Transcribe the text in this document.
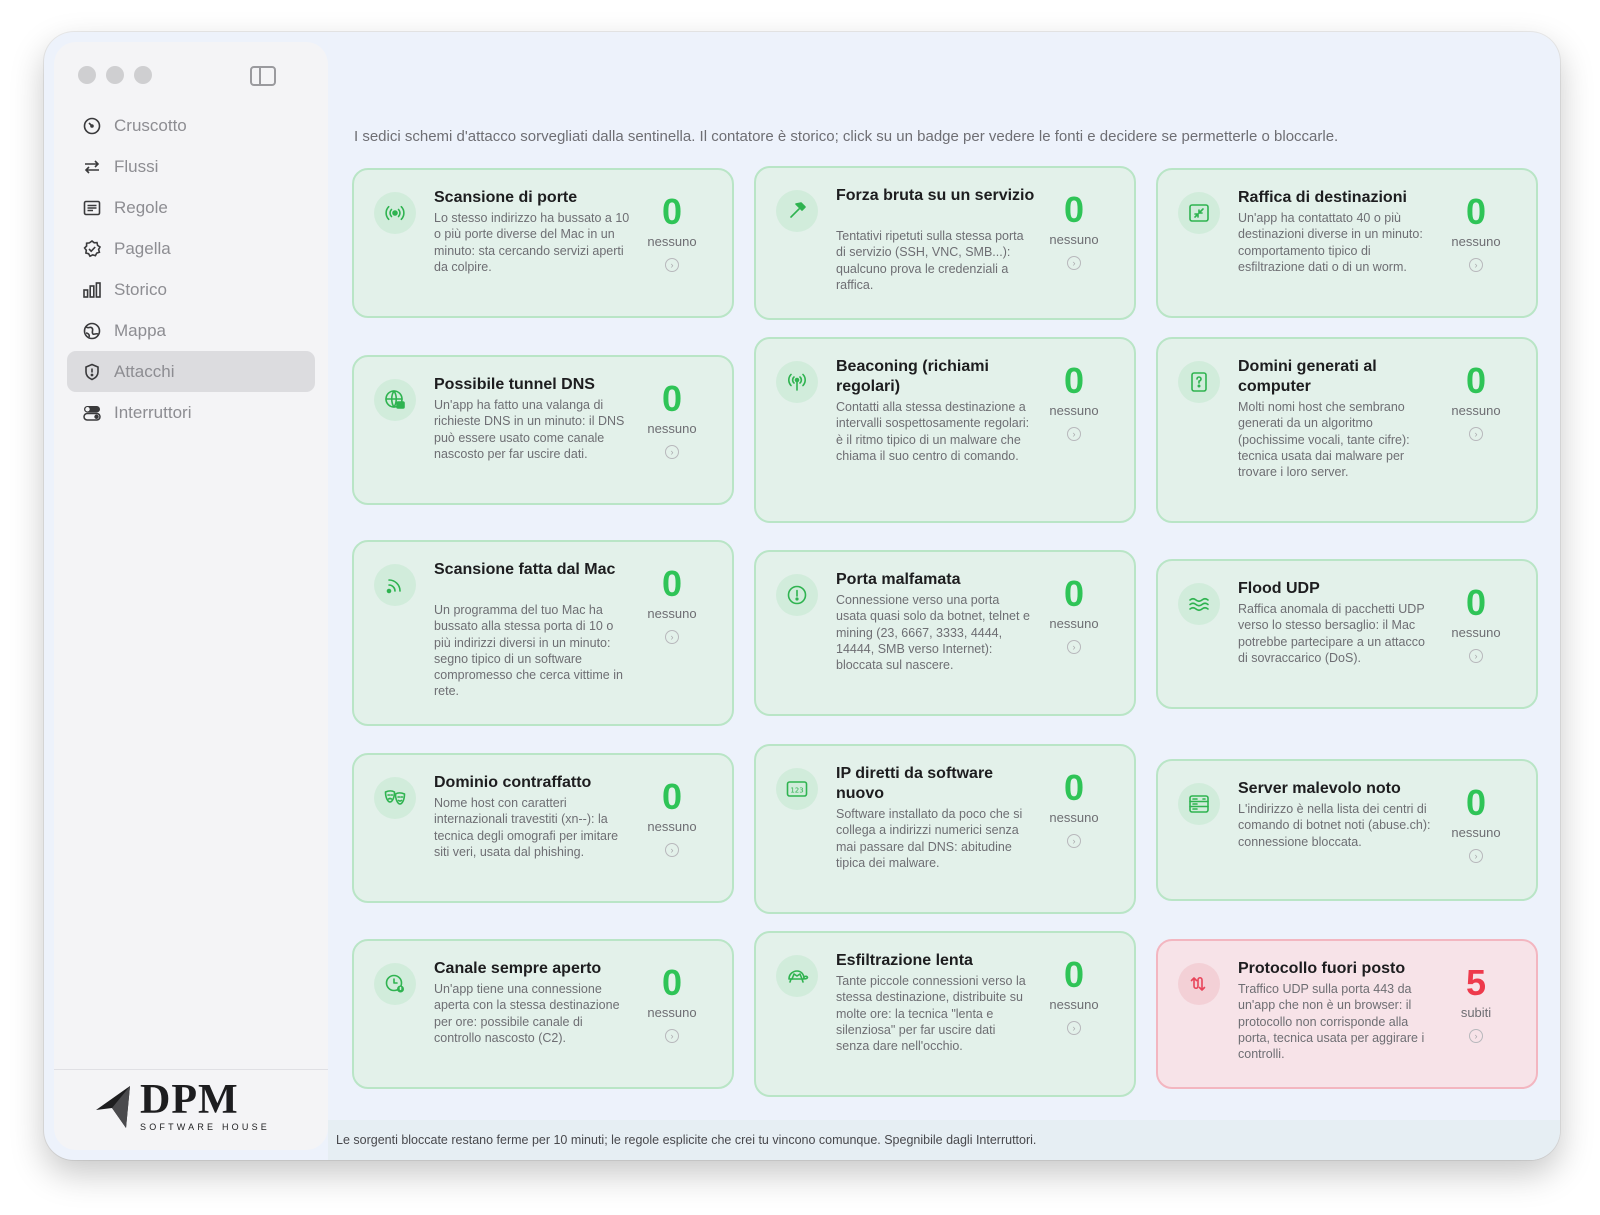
Cruscotto
Flussi
Regole
Pagella
Storico
Mappa
Attacchi
Interruttori
DPM
SOFTWARE HOUSE

I sedici schemi d'attacco sorvegliati dalla sentinella. Il contatore è storico; click su un badge per vedere le fonti e decidere se permetterle o bloccarle.

Scansione di porte
Lo stesso indirizzo ha bussato a 10 o più porte diverse del Mac in un minuto: sta cercando servizi aperti da colpire.
0
nessuno
›
Forza bruta su un servizio
Tentativi ripetuti sulla stessa porta di servizio (SSH, VNC, SMB...): qualcuno prova le credenziali a raffica.
0
nessuno
›
Raffica di destinazioni
Un'app ha contattato 40 o più destinazioni diverse in un minuto: comportamento tipico di esfiltrazione dati o di un worm.
0
nessuno
›
Possibile tunnel DNS
Un'app ha fatto una valanga di richieste DNS in un minuto: il DNS può essere usato come canale nascosto per far uscire dati.
0
nessuno
›
Beaconing (richiami regolari)
Contatti alla stessa destinazione a intervalli sospettosamente regolari: è il ritmo tipico di un malware che chiama il suo centro di comando.
0
nessuno
›
Domini generati al computer
Molti nomi host che sembrano generati da un algoritmo (pochissime vocali, tante cifre): tecnica usata dai malware per trovare i loro server.
0
nessuno
›
Scansione fatta dal Mac
Un programma del tuo Mac ha bussato alla stessa porta di 10 o più indirizzi diversi in un minuto: segno tipico di un software compromesso che cerca vittime in rete.
0
nessuno
›
Porta malfamata
Connessione verso una porta usata quasi solo da botnet, telnet e mining (23, 6667, 3333, 4444, 14444, SMB verso Internet): bloccata sul nascere.
0
nessuno
›
Flood UDP
Raffica anomala di pacchetti UDP verso lo stesso bersaglio: il Mac potrebbe partecipare a un attacco di sovraccarico (DoS).
0
nessuno
›
Dominio contraffatto
Nome host con caratteri internazionali travestiti (xn--): la tecnica degli omografi per imitare siti veri, usata dal phishing.
0
nessuno
›
123
IP diretti da software nuovo
Software installato da poco che si collega a indirizzi numerici senza mai passare dal DNS: abitudine tipica dei malware.
0
nessuno
›
Server malevolo noto
L'indirizzo è nella lista dei centri di comando di botnet noti (abuse.ch): connessione bloccata.
0
nessuno
›
Canale sempre aperto
Un'app tiene una connessione aperta con la stessa destinazione per ore: possibile canale di controllo nascosto (C2).
0
nessuno
›
Esfiltrazione lenta
Tante piccole connessioni verso la stessa destinazione, distribuite su molte ore: la tecnica "lenta e silenziosa" per far uscire dati senza dare nell'occhio.
0
nessuno
›
Protocollo fuori posto
Traffico UDP sulla porta 443 da un'app che non è un browser: il protocollo non corrisponde alla porta, tecnica usata per aggirare i controlli.
5
subiti
›

Le sorgenti bloccate restano ferme per 10 minuti; le regole esplicite che crei tu vincono comunque. Spegnibile dagli Interruttori.
